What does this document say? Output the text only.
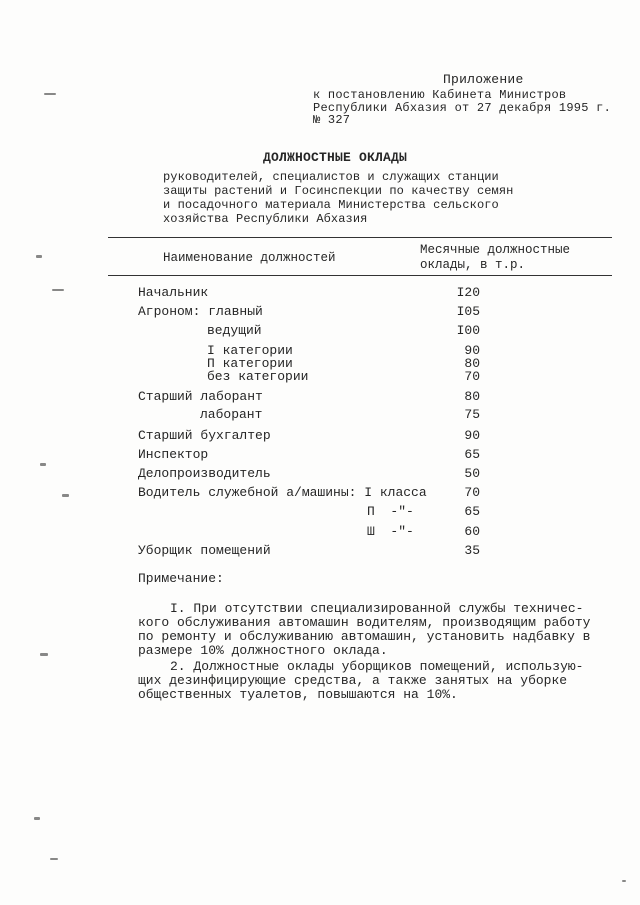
Приложение
к постановлению Кабинета Министров
Республики Абхазия от 27 декабря 1995 г.
№ 327
ДОЛЖНОСТНЫЕ ОКЛАДЫ
руководителей, специалистов и служащих станции
защиты растений и Госинспекции по качеству семян
и посадочного материала Министерства сельского
хозяйства Республики Абхазия
Наименование должностей
Месячные должностные
оклады, в т.р.
Начальник	I20
Агроном: главный	I05
ведущий	I00
I категории	90
П категории	80
без категории	70
Старший лаборант	80
лаборант	75
Старший бухгалтер	90
Инспектор	65
Делопроизводитель	50
Водитель служебной а/машины: I класса	70
П  -"-	65
Ш  -"-	60
Уборщик помещений	35
Примечание:
I. При отсутствии специализированной службы техничес-
кого обслуживания автомашин водителям, производящим работу
по ремонту и обслуживанию автомашин, установить надбавку в
размере 10% должностного оклада.
2. Должностные оклады уборщиков помещений, использую-
щих дезинфицирующие средства, а также занятых на уборке
общественных туалетов, повышаются на 10%.
